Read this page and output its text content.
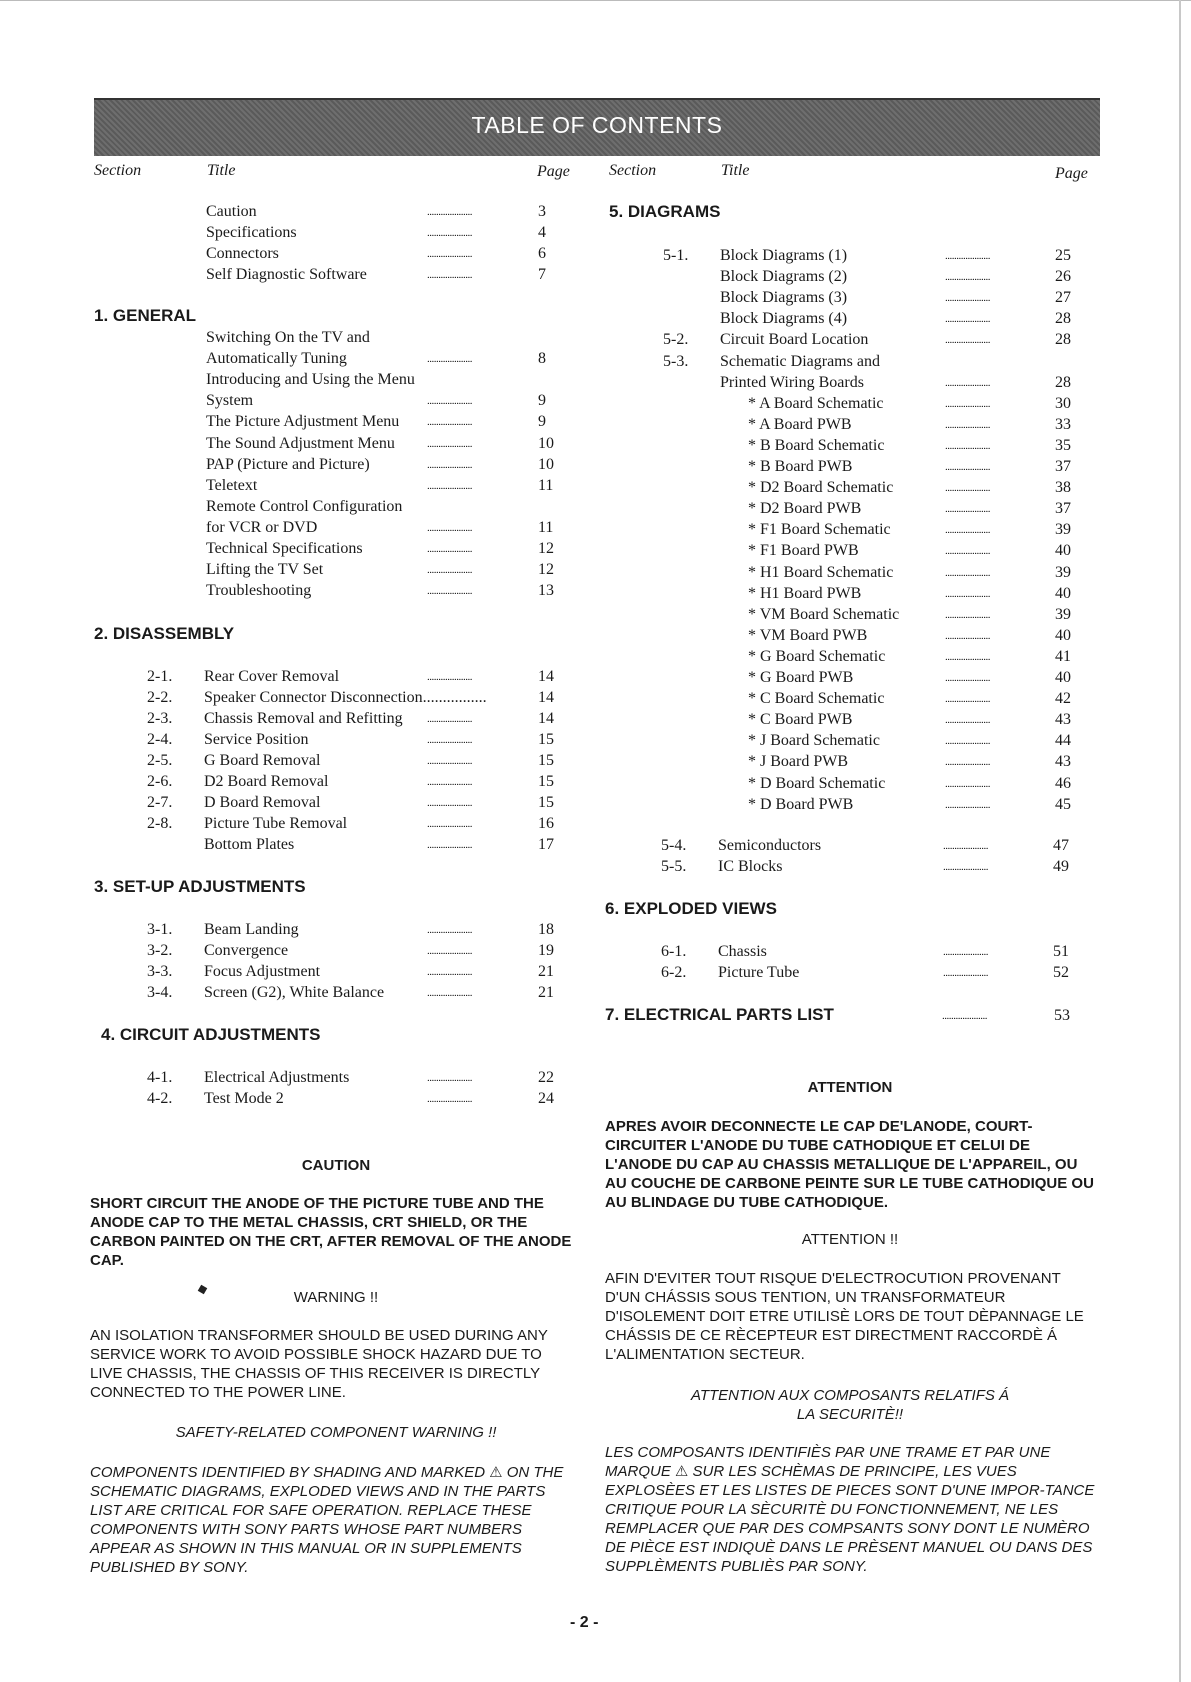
TABLE OF CONTENTS
Section	Title	Page Section	Title	Page
Caution	....................	3
Specifications	....................	4
Connectors	....................	6
Self Diagnostic Software	....................	7
1. GENERAL
Switching On the TV and
Automatically Tuning	....................	8
Introducing and Using the Menu
System	....................	9
The Picture Adjustment Menu	....................	9
The Sound Adjustment Menu	....................	10
PAP (Picture and Picture)	....................	10
Teletext	....................	11
Remote Control Configuration
for VCR or DVD	....................	11
Technical Specifications	....................	12
Lifting the TV Set	....................	12
Troubleshooting	....................	13
2. DISASSEMBLY
2-1. Rear Cover Removal	....................	14
2-2. Speaker Connector Disconnection................	14
2-3. Chassis Removal and Refitting ....................	14
2-4. Service Position	....................	15
2-5. G Board Removal	....................	15
2-6. D2 Board Removal	....................	15
2-7. D Board Removal	....................	15
2-8. Picture Tube Removal	....................	16
Bottom Plates	....................	17
3. SET-UP ADJUSTMENTS
3-1. Beam Landing	....................	18
3-2. Convergence	....................	19
3-3. Focus Adjustment	....................	21
3-4. Screen (G2), White Balance	....................	21
4. CIRCUIT ADJUSTMENTS
4-1. Electrical Adjustments	....................	22
4-2. Test Mode 2	....................	24
5. DIAGRAMS
5-1. Block Diagrams (1)	....................	25
Block Diagrams (2)	....................	26
Block Diagrams (3)	....................	27
Block Diagrams (4)	....................	28
5-2. Circuit Board Location	....................	28
5-3. Schematic Diagrams and
Printed Wiring Boards	....................	28
* A Board Schematic	....................	30
* A Board PWB	....................	33
* B Board Schematic	....................	35
* B Board PWB	....................	37
* D2 Board Schematic	....................	38
* D2 Board PWB	....................	37
* F1 Board Schematic	....................	39
* F1 Board PWB	....................	40
* H1 Board Schematic	....................	39
* H1 Board PWB	....................	40
* VM Board Schematic	....................	39
* VM Board PWB	....................	40
* G Board Schematic	....................	41
* G Board PWB	....................	40
* C Board Schematic	....................	42
* C Board PWB	....................	43
* J Board Schematic	....................	44
* J Board PWB	....................	43
* D Board Schematic	....................	46
* D Board PWB	....................	45
5-4. Semiconductors	....................	47
5-5. IC Blocks	....................	49
6. EXPLODED VIEWS
6-1. Chassis	....................	51
6-2. Picture Tube	....................	52
7. ELECTRICAL PARTS LIST	....................	53
CAUTION
SHORT CIRCUIT THE ANODE OF THE PICTURE TUBE AND THE ANODE CAP TO THE METAL CHASSIS, CRT SHIELD, OR THE CARBON PAINTED ON THE CRT, AFTER REMOVAL OF THE ANODE CAP.
WARNING !!
AN ISOLATION TRANSFORMER SHOULD BE USED DURING ANY SERVICE WORK TO AVOID POSSIBLE SHOCK HAZARD DUE TO LIVE CHASSIS, THE CHASSIS OF THIS RECEIVER IS DIRECTLY CONNECTED TO THE POWER LINE.
SAFETY-RELATED COMPONENT WARNING !!
COMPONENTS IDENTIFIED BY SHADING AND MARKED ⚠ ON THE SCHEMATIC DIAGRAMS, EXPLODED VIEWS AND IN THE PARTS LIST ARE CRITICAL FOR SAFE OPERATION. REPLACE THESE COMPONENTS WITH SONY PARTS WHOSE PART NUMBERS APPEAR AS SHOWN IN THIS MANUAL OR IN SUPPLEMENTS PUBLISHED BY SONY.
ATTENTION
APRES AVOIR DECONNECTE LE CAP DE'LANODE, COURT-CIRCUITER L'ANODE DU TUBE CATHODIQUE ET CELUI DE L'ANODE DU CAP AU CHASSIS METALLIQUE DE L'APPAREIL, OU AU COUCHE DE CARBONE PEINTE SUR LE TUBE CATHODIQUE OU AU BLINDAGE DU TUBE CATHODIQUE.
ATTENTION !!
AFIN D'EVITER TOUT RISQUE D'ELECTROCUTION PROVENANT D'UN CHÁSSIS SOUS TENTION, UN TRANSFORMATEUR D'ISOLEMENT DOIT ETRE UTILISÈ LORS DE TOUT DÈPANNAGE LE CHÁSSIS DE CE RÈCEPTEUR EST DIRECTMENT RACCORDÈ Á L'ALIMENTATION SECTEUR.
ATTENTION AUX COMPOSANTS RELATIFS Á
LA SECURITÈ!!
LES COMPOSANTS IDENTIFIÈS PAR UNE TRAME ET PAR UNE MARQUE ⚠ SUR LES SCHÈMAS DE PRINCIPE, LES VUES EXPLOSÈES ET LES LISTES DE PIECES SONT D'UNE IMPOR-TANCE CRITIQUE POUR LA SÈCURITÈ DU FONCTIONNEMENT, NE LES REMPLACER QUE PAR DES COMPSANTS SONY DONT LE NUMÈRO DE PIÈCE EST INDIQUÈ DANS LE PRÈSENT MANUEL OU DANS DES SUPPLÈMENTS PUBLIÈS PAR SONY.
- 2 -
